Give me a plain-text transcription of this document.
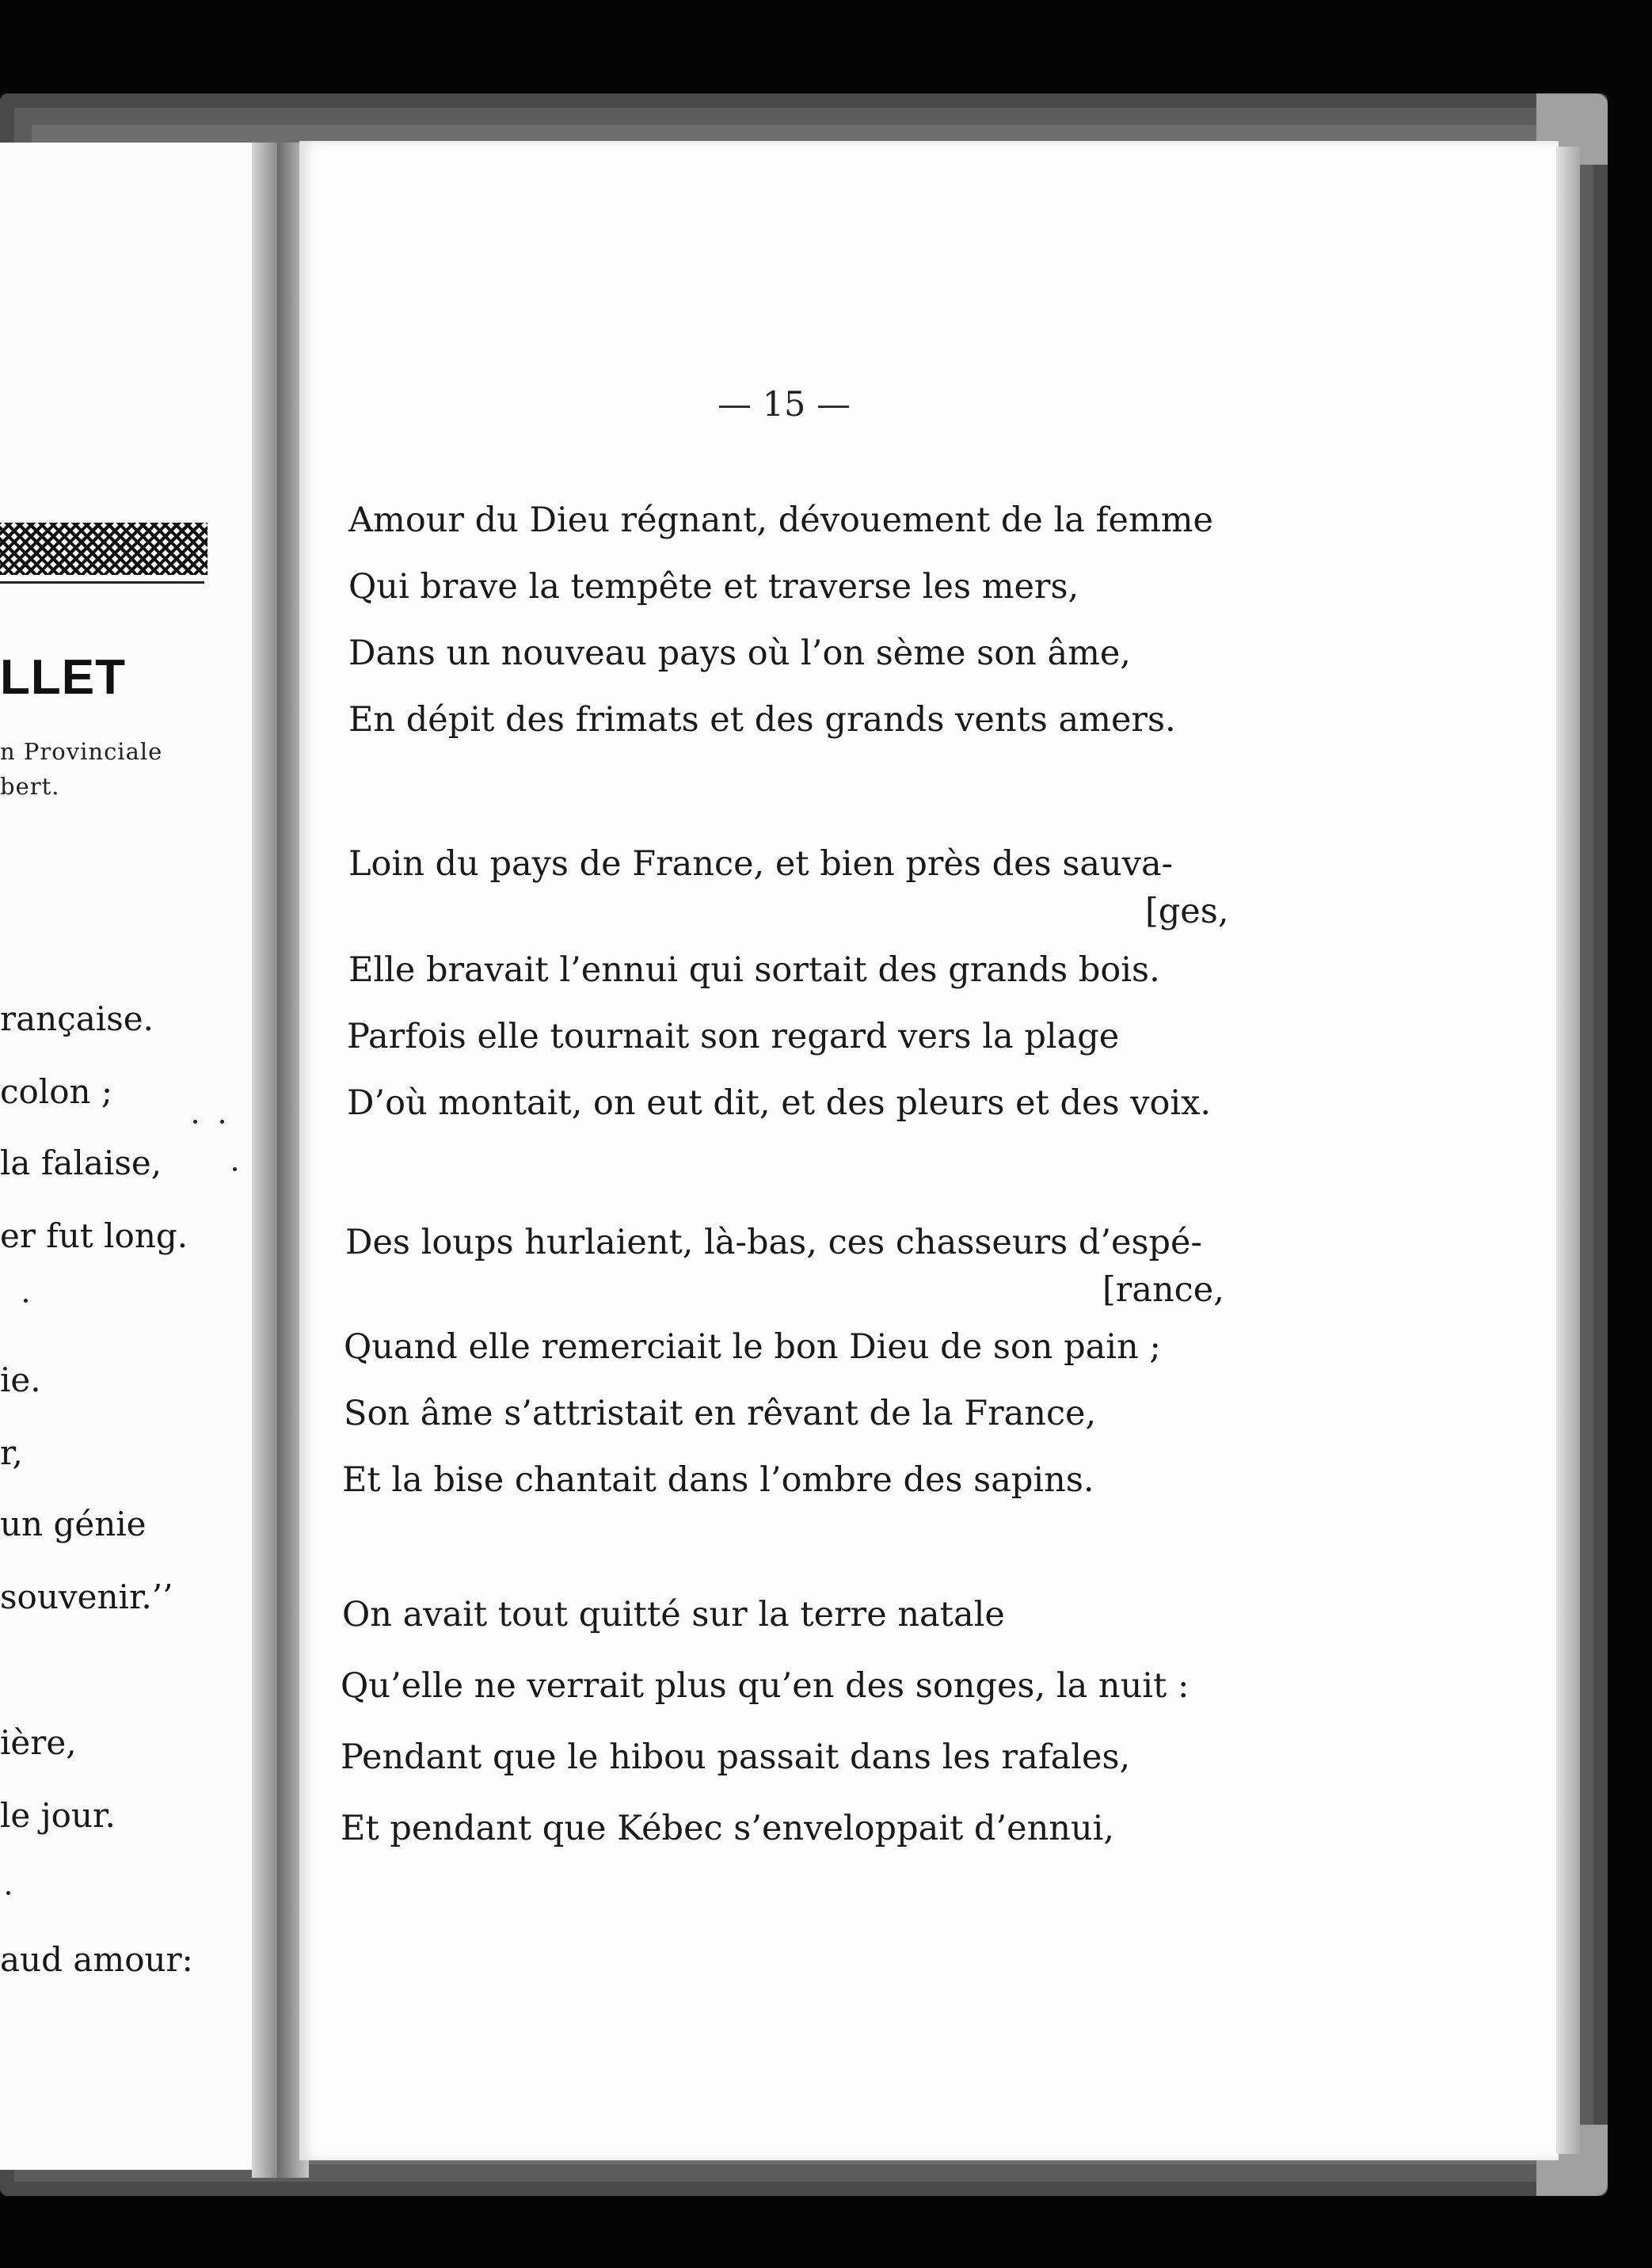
LLET
n Provinciale
bert.
rançaise.
colon ;
la falaise,
er fut long.
ie.
r,
un génie
souvenir.’’
ière,
le jour.
aud amour:
— 15 —
Amour du Dieu régnant, dévouement de la femme
Qui brave la tempête et traverse les mers,
Dans un nouveau pays où l’on sème son âme,
En dépit des frimats et des grands vents amers.
Loin du pays de France, et bien près des sauva-
[ges,
Elle bravait l’ennui qui sortait des grands bois.
Parfois elle tournait son regard vers la plage
D’où montait, on eut dit, et des pleurs et des voix.
Des loups hurlaient, là-bas, ces chasseurs d’espé-
[rance,
Quand elle remerciait le bon Dieu de son pain ;
Son âme s’attristait en rêvant de la France,
Et la bise chantait dans l’ombre des sapins.
On avait tout quitté sur la terre natale
Qu’elle ne verrait plus qu’en des songes, la nuit :
Pendant que le hibou passait dans les rafales,
Et pendant que Kébec s’enveloppait d’ennui,
